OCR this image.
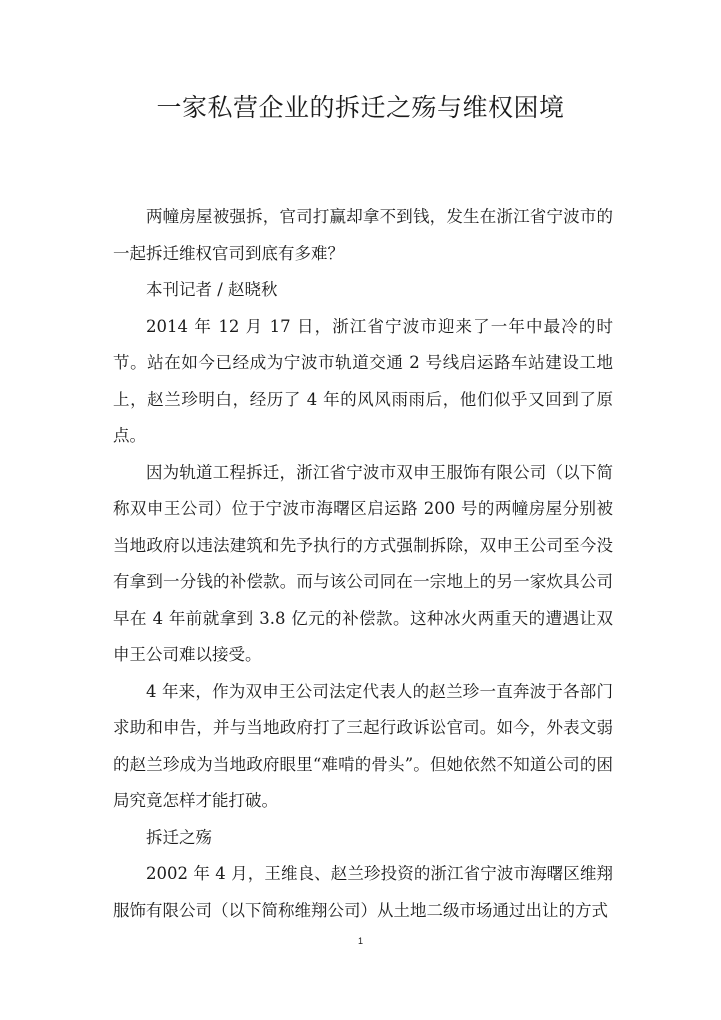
一家私营企业的拆迁之殇与维权困境

两幢房屋被强拆，官司打赢却拿不到钱，发生在浙江省宁波市的一起拆迁维权官司到底有多难？

本刊记者 / 赵晓秋

2014 年 12 月 17 日，浙江省宁波市迎来了一年中最冷的时节。站在如今已经成为宁波市轨道交通 2 号线启运路车站建设工地上，赵兰珍明白，经历了 4 年的风风雨雨后，他们似乎又回到了原点。

因为轨道工程拆迁，浙江省宁波市双申王服饰有限公司（以下简称双申王公司）位于宁波市海曙区启运路 200 号的两幢房屋分别被当地政府以违法建筑和先予执行的方式强制拆除，双申王公司至今没有拿到一分钱的补偿款。而与该公司同在一宗地上的另一家炊具公司早在 4 年前就拿到 3.8 亿元的补偿款。这种冰火两重天的遭遇让双申王公司难以接受。

4 年来，作为双申王公司法定代表人的赵兰珍一直奔波于各部门求助和申告，并与当地政府打了三起行政诉讼官司。如今，外表文弱的赵兰珍成为当地政府眼里“难啃的骨头”。但她依然不知道公司的困局究竟怎样才能打破。

拆迁之殇

2002 年 4 月，王维良、赵兰珍投资的浙江省宁波市海曙区维翔服饰有限公司（以下简称维翔公司）从土地二级市场通过出让的方式

1
